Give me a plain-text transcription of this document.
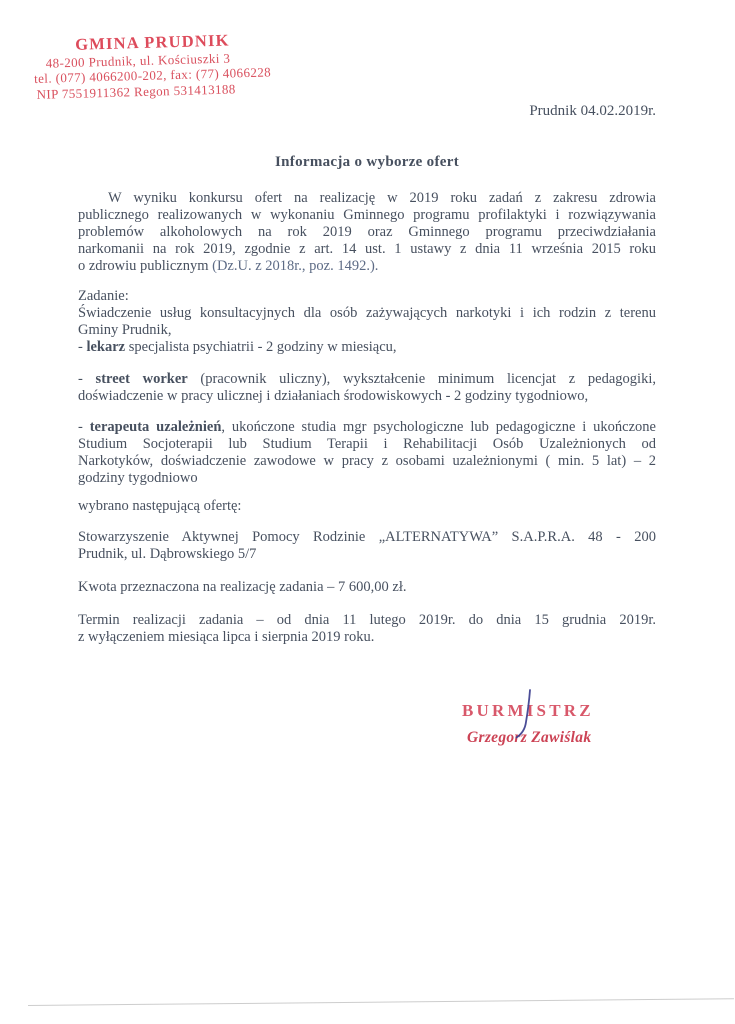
GMINA PRUDNIK
48-200 Prudnik, ul. Kościuszki 3
tel. (077) 4066200-202, fax: (77) 4066228
NIP 7551911362 Regon 531413188
Prudnik 04.02.2019r.
Informacja o wyborze ofert
W wyniku konkursu ofert na realizację w 2019 roku zadań z zakresu zdrowia
publicznego realizowanych w wykonaniu Gminnego programu profilaktyki i rozwiązywania
problemów alkoholowych na rok 2019 oraz Gminnego programu przeciwdziałania
narkomanii na rok 2019, zgodnie z art. 14 ust. 1 ustawy z dnia 11 września 2015 roku
o zdrowiu publicznym (Dz.U. z 2018r., poz. 1492.).
Zadanie:
Świadczenie usług konsultacyjnych dla osób zażywających narkotyki i ich rodzin z terenu
Gminy Prudnik,
- lekarz specjalista psychiatrii - 2 godziny w miesiącu,
- street worker (pracownik uliczny), wykształcenie minimum licencjat z pedagogiki,
doświadczenie w pracy ulicznej i działaniach środowiskowych - 2 godziny tygodniowo,
- terapeuta uzależnień, ukończone studia mgr psychologiczne lub pedagogiczne i ukończone
Studium Socjoterapii lub Studium Terapii i Rehabilitacji Osób Uzależnionych od
Narkotyków, doświadczenie zawodowe w pracy z osobami uzależnionymi ( min. 5 lat) – 2
godziny tygodniowo
wybrano następującą ofertę:
Stowarzyszenie Aktywnej Pomocy Rodzinie „ALTERNATYWA” S.A.P.R.A. 48 - 200
Prudnik, ul. Dąbrowskiego 5/7
Kwota przeznaczona na realizację zadania – 7 600,00 zł.
Termin realizacji zadania – od dnia 11 lutego 2019r. do dnia 15 grudnia 2019r.
z wyłączeniem miesiąca lipca i sierpnia 2019 roku.
BURMISTRZ
Grzegorz Zawiślak
